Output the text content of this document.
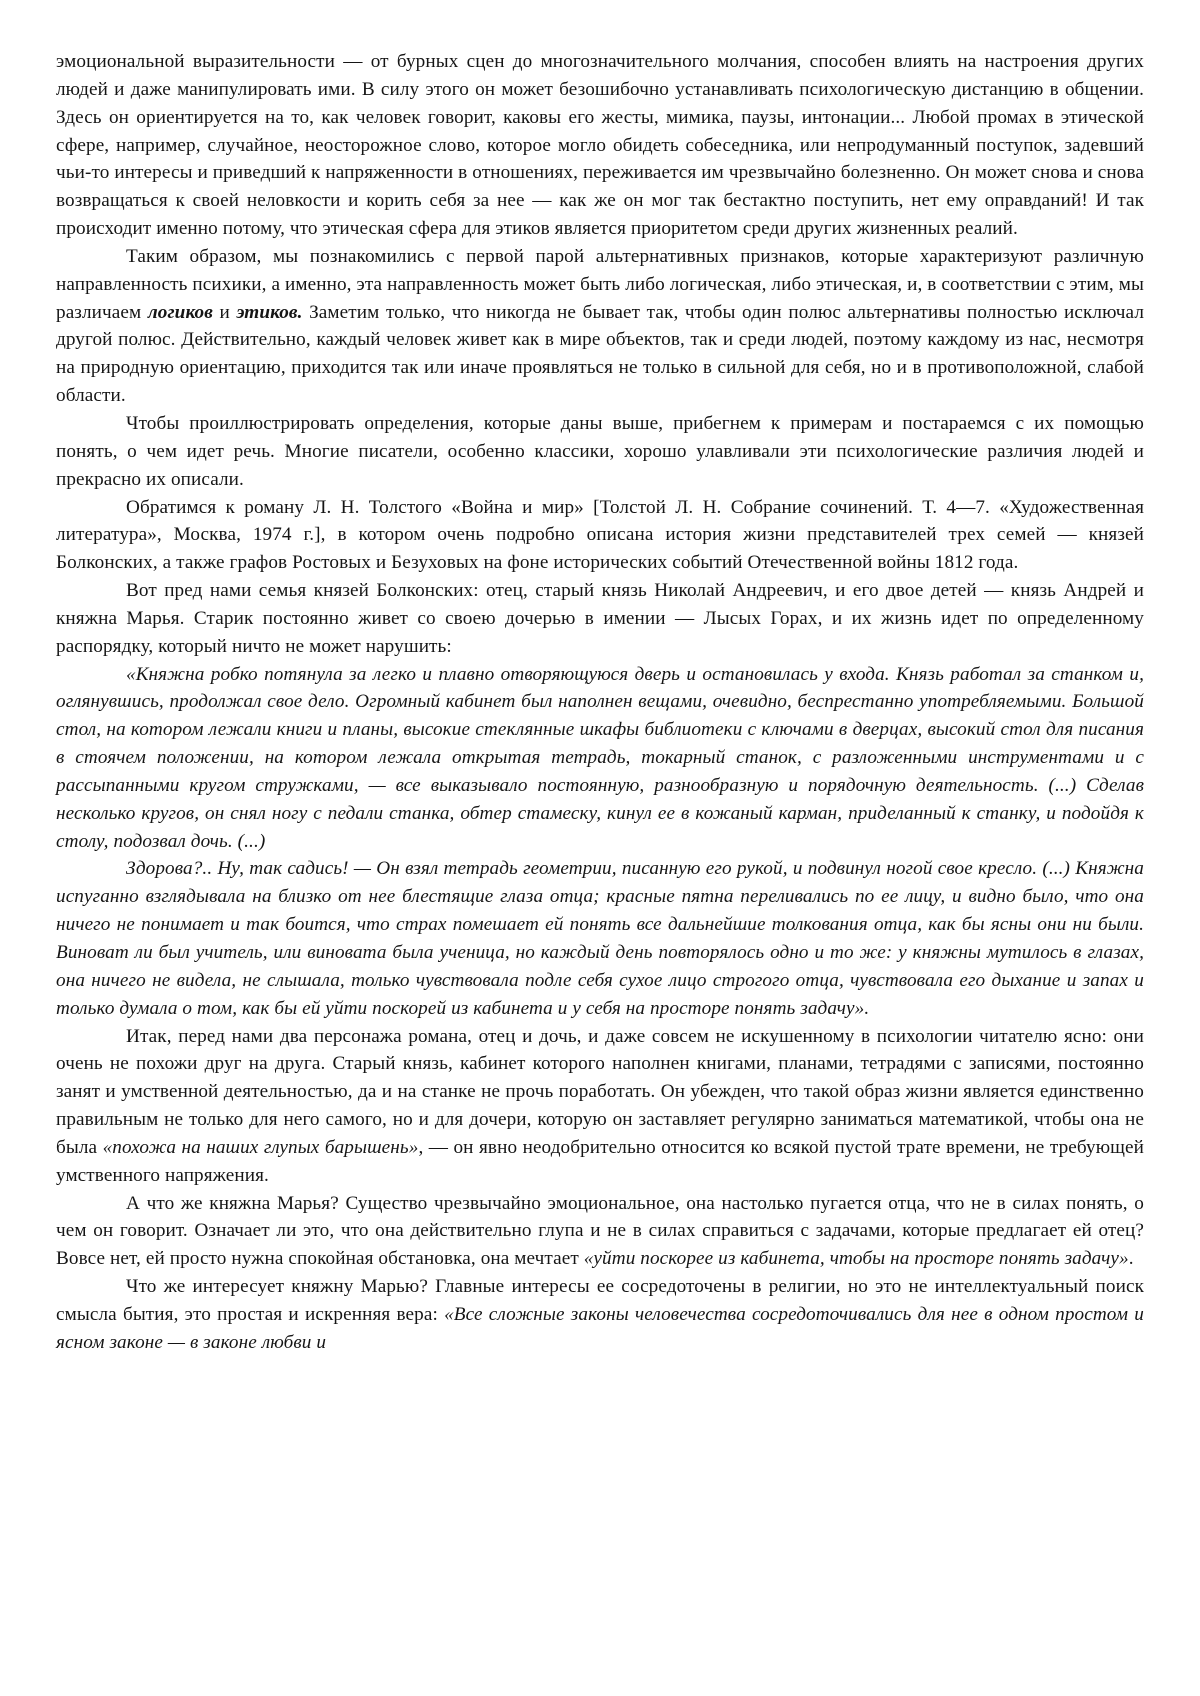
эмоциональной выразительности — от бурных сцен до многозначительного молчания, способен влиять на настроения других людей и даже манипулировать ими. В силу этого он может безошибочно устанавливать психологическую дистанцию в общении. Здесь он ориентируется на то, как человек говорит, каковы его жесты, мимика, паузы, интонации... Любой промах в этической сфере, например, случайное, неосторожное слово, которое могло обидеть собеседника, или непродуманный поступок, задевший чьи-то интересы и приведший к напряженности в отношениях, переживается им чрезвычайно болезненно. Он может снова и снова возвращаться к своей неловкости и корить себя за нее — как же он мог так бестактно поступить, нет ему оправданий! И так происходит именно потому, что этическая сфера для этиков является приоритетом среди других жизненных реалий.

Таким образом, мы познакомились с первой парой альтернативных признаков, которые характеризуют различную направленность психики, а именно, эта направленность может быть либо логическая, либо этическая, и, в соответствии с этим, мы различаем логиков и этиков. Заметим только, что никогда не бывает так, чтобы один полюс альтернативы полностью исключал другой полюс. Действительно, каждый человек живет как в мире объектов, так и среди людей, поэтому каждому из нас, несмотря на природную ориентацию, приходится так или иначе проявляться не только в сильной для себя, но и в противоположной, слабой области.

Чтобы проиллюстрировать определения, которые даны выше, прибегнем к примерам и постараемся с их помощью понять, о чем идет речь. Многие писатели, особенно классики, хорошо улавливали эти психологические различия людей и прекрасно их описали.

Обратимся к роману Л. Н. Толстого «Война и мир» [Толстой Л. Н. Собрание сочинений. Т. 4—7. «Художественная литература», Москва, 1974 г.], в котором очень подробно описана история жизни представителей трех семей — князей Болконских, а также графов Ростовых и Безуховых на фоне исторических событий Отечественной войны 1812 года.

Вот пред нами семья князей Болконских: отец, старый князь Николай Андреевич, и его двое детей — князь Андрей и княжна Марья. Старик постоянно живет со своею дочерью в имении — Лысых Горах, и их жизнь идет по определенному распорядку, который ничто не может нарушить:

«Княжна робко потянула за легко и плавно отворяющуюся дверь и остановилась у входа. Князь работал за станком и, оглянувшись, продолжал свое дело. Огромный кабинет был наполнен вещами, очевидно, беспрестанно употребляемыми. Большой стол, на котором лежали книги и планы, высокие стеклянные шкафы библиотеки с ключами в дверцах, высокий стол для писания в стоячем положении, на котором лежала открытая тетрадь, токарный станок, с разложенными инструментами и с рассыпанными кругом стружками, — все выказывало постоянную, разнообразную и порядочную деятельность. (...) Сделав несколько кругов, он снял ногу с педали станка, обтер стамеску, кинул ее в кожаный карман, приделанный к станку, и подойдя к столу, подозвал дочь. (...)

Здорова?.. Ну, так садись! — Он взял тетрадь геометрии, писанную его рукой, и подвинул ногой свое кресло. (...) Княжна испуганно взглядывала на близко от нее блестящие глаза отца; красные пятна переливались по ее лицу, и видно было, что она ничего не понимает и так боится, что страх помешает ей понять все дальнейшие толкования отца, как бы ясны они ни были. Виноват ли был учитель, или виновата была ученица, но каждый день повторялось одно и то же: у княжны мутилось в глазах, она ничего не видела, не слышала, только чувствовала подле себя сухое лицо строгого отца, чувствовала его дыхание и запах и только думала о том, как бы ей уйти поскорей из кабинета и у себя на просторе понять задачу».

Итак, перед нами два персонажа романа, отец и дочь, и даже совсем не искушенному в психологии читателю ясно: они очень не похожи друг на друга. Старый князь, кабинет которого наполнен книгами, планами, тетрадями с записями, постоянно занят и умственной деятельностью, да и на станке не прочь поработать. Он убежден, что такой образ жизни является единственно правильным не только для него самого, но и для дочери, которую он заставляет регулярно заниматься математикой, чтобы она не была «похожа на наших глупых барышень», — он явно неодобрительно относится ко всякой пустой трате времени, не требующей умственного напряжения.

А что же княжна Марья? Существо чрезвычайно эмоциональное, она настолько пугается отца, что не в силах понять, о чем он говорит. Означает ли это, что она действительно глупа и не в силах справиться с задачами, которые предлагает ей отец? Вовсе нет, ей просто нужна спокойная обстановка, она мечтает «уйти поскорее из кабинета, чтобы на просторе понять задачу».

Что же интересует княжну Марью? Главные интересы ее сосредоточены в религии, но это не интеллектуальный поиск смысла бытия, это простая и искренняя вера: «Все сложные законы человечества сосредоточивались для нее в одном простом и ясном законе — в законе любви и
